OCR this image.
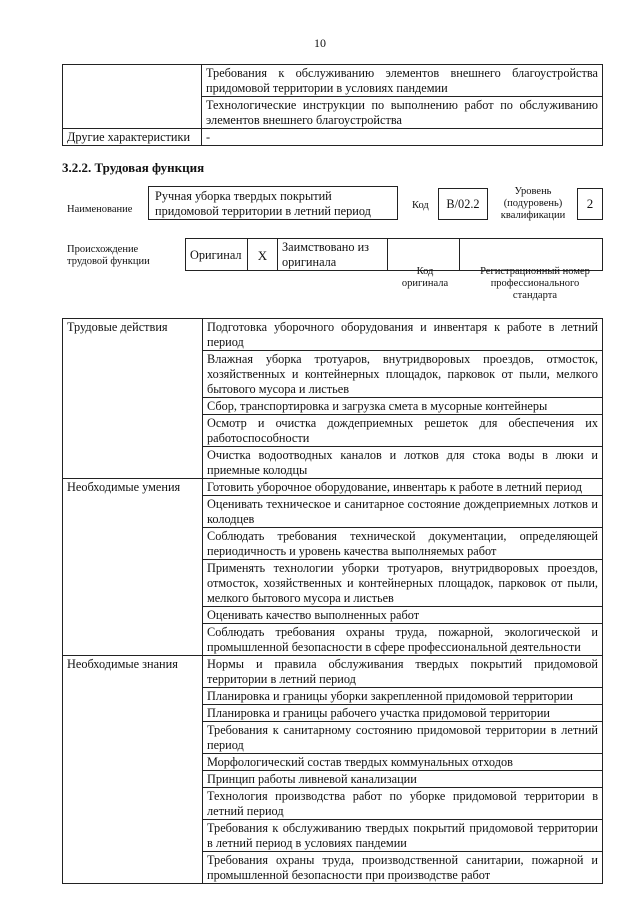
10
	Требования к обслуживанию элементов внешнего благоустройства придомовой территории в условиях пандемии
	Технологические инструкции по выполнению работ по обслуживанию элементов внешнего благоустройства
Другие характеристики	-
3.2.2. Трудовая функция
Наименование
Ручная уборка твердых покрытий придомовой территории в летний период	Код	B/02.2
Уровень (подуровень) квалификации
2
Происхождение трудовой функции	Оригинал	X	Заимствовано из оригинала		
Код оригинала
Регистрационный номер профессионального стандарта
Трудовые действия	Подготовка уборочного оборудования и инвентаря к работе в летний период
	Влажная уборка тротуаров, внутридворовых проездов, отмосток, хозяйственных и контейнерных площадок, парковок от пыли, мелкого бытового мусора и листьев
	Сбор, транспортировка и загрузка смета в мусорные контейнеры
	Осмотр и очистка дождеприемных решеток для обеспечения их работоспособности
	Очистка водоотводных каналов и лотков для стока воды в люки и приемные колодцы
Необходимые умения	Готовить уборочное оборудование, инвентарь к работе в летний период
	Оценивать техническое и санитарное состояние дождеприемных лотков и колодцев
	Соблюдать требования технической документации, определяющей периодичность и уровень качества выполняемых работ
	Применять технологии уборки тротуаров, внутридворовых проездов, отмосток, хозяйственных и контейнерных площадок, парковок от пыли, мелкого бытового мусора и листьев
	Оценивать качество выполненных работ
	Соблюдать требования охраны труда, пожарной, экологической и промышленной безопасности в сфере профессиональной деятельности
Необходимые знания	Нормы и правила обслуживания твердых покрытий придомовой территории в летний период
	Планировка и границы уборки закрепленной придомовой территории
	Планировка и границы рабочего участка придомовой территории
	Требования к санитарному состоянию придомовой территории в летний период
	Морфологический состав твердых коммунальных отходов
	Принцип работы ливневой канализации
	Технология производства работ по уборке придомовой территории в летний период
	Требования к обслуживанию твердых покрытий придомовой территории в летний период в условиях пандемии
	Требования охраны труда, производственной санитарии, пожарной и промышленной безопасности при производстве работ
